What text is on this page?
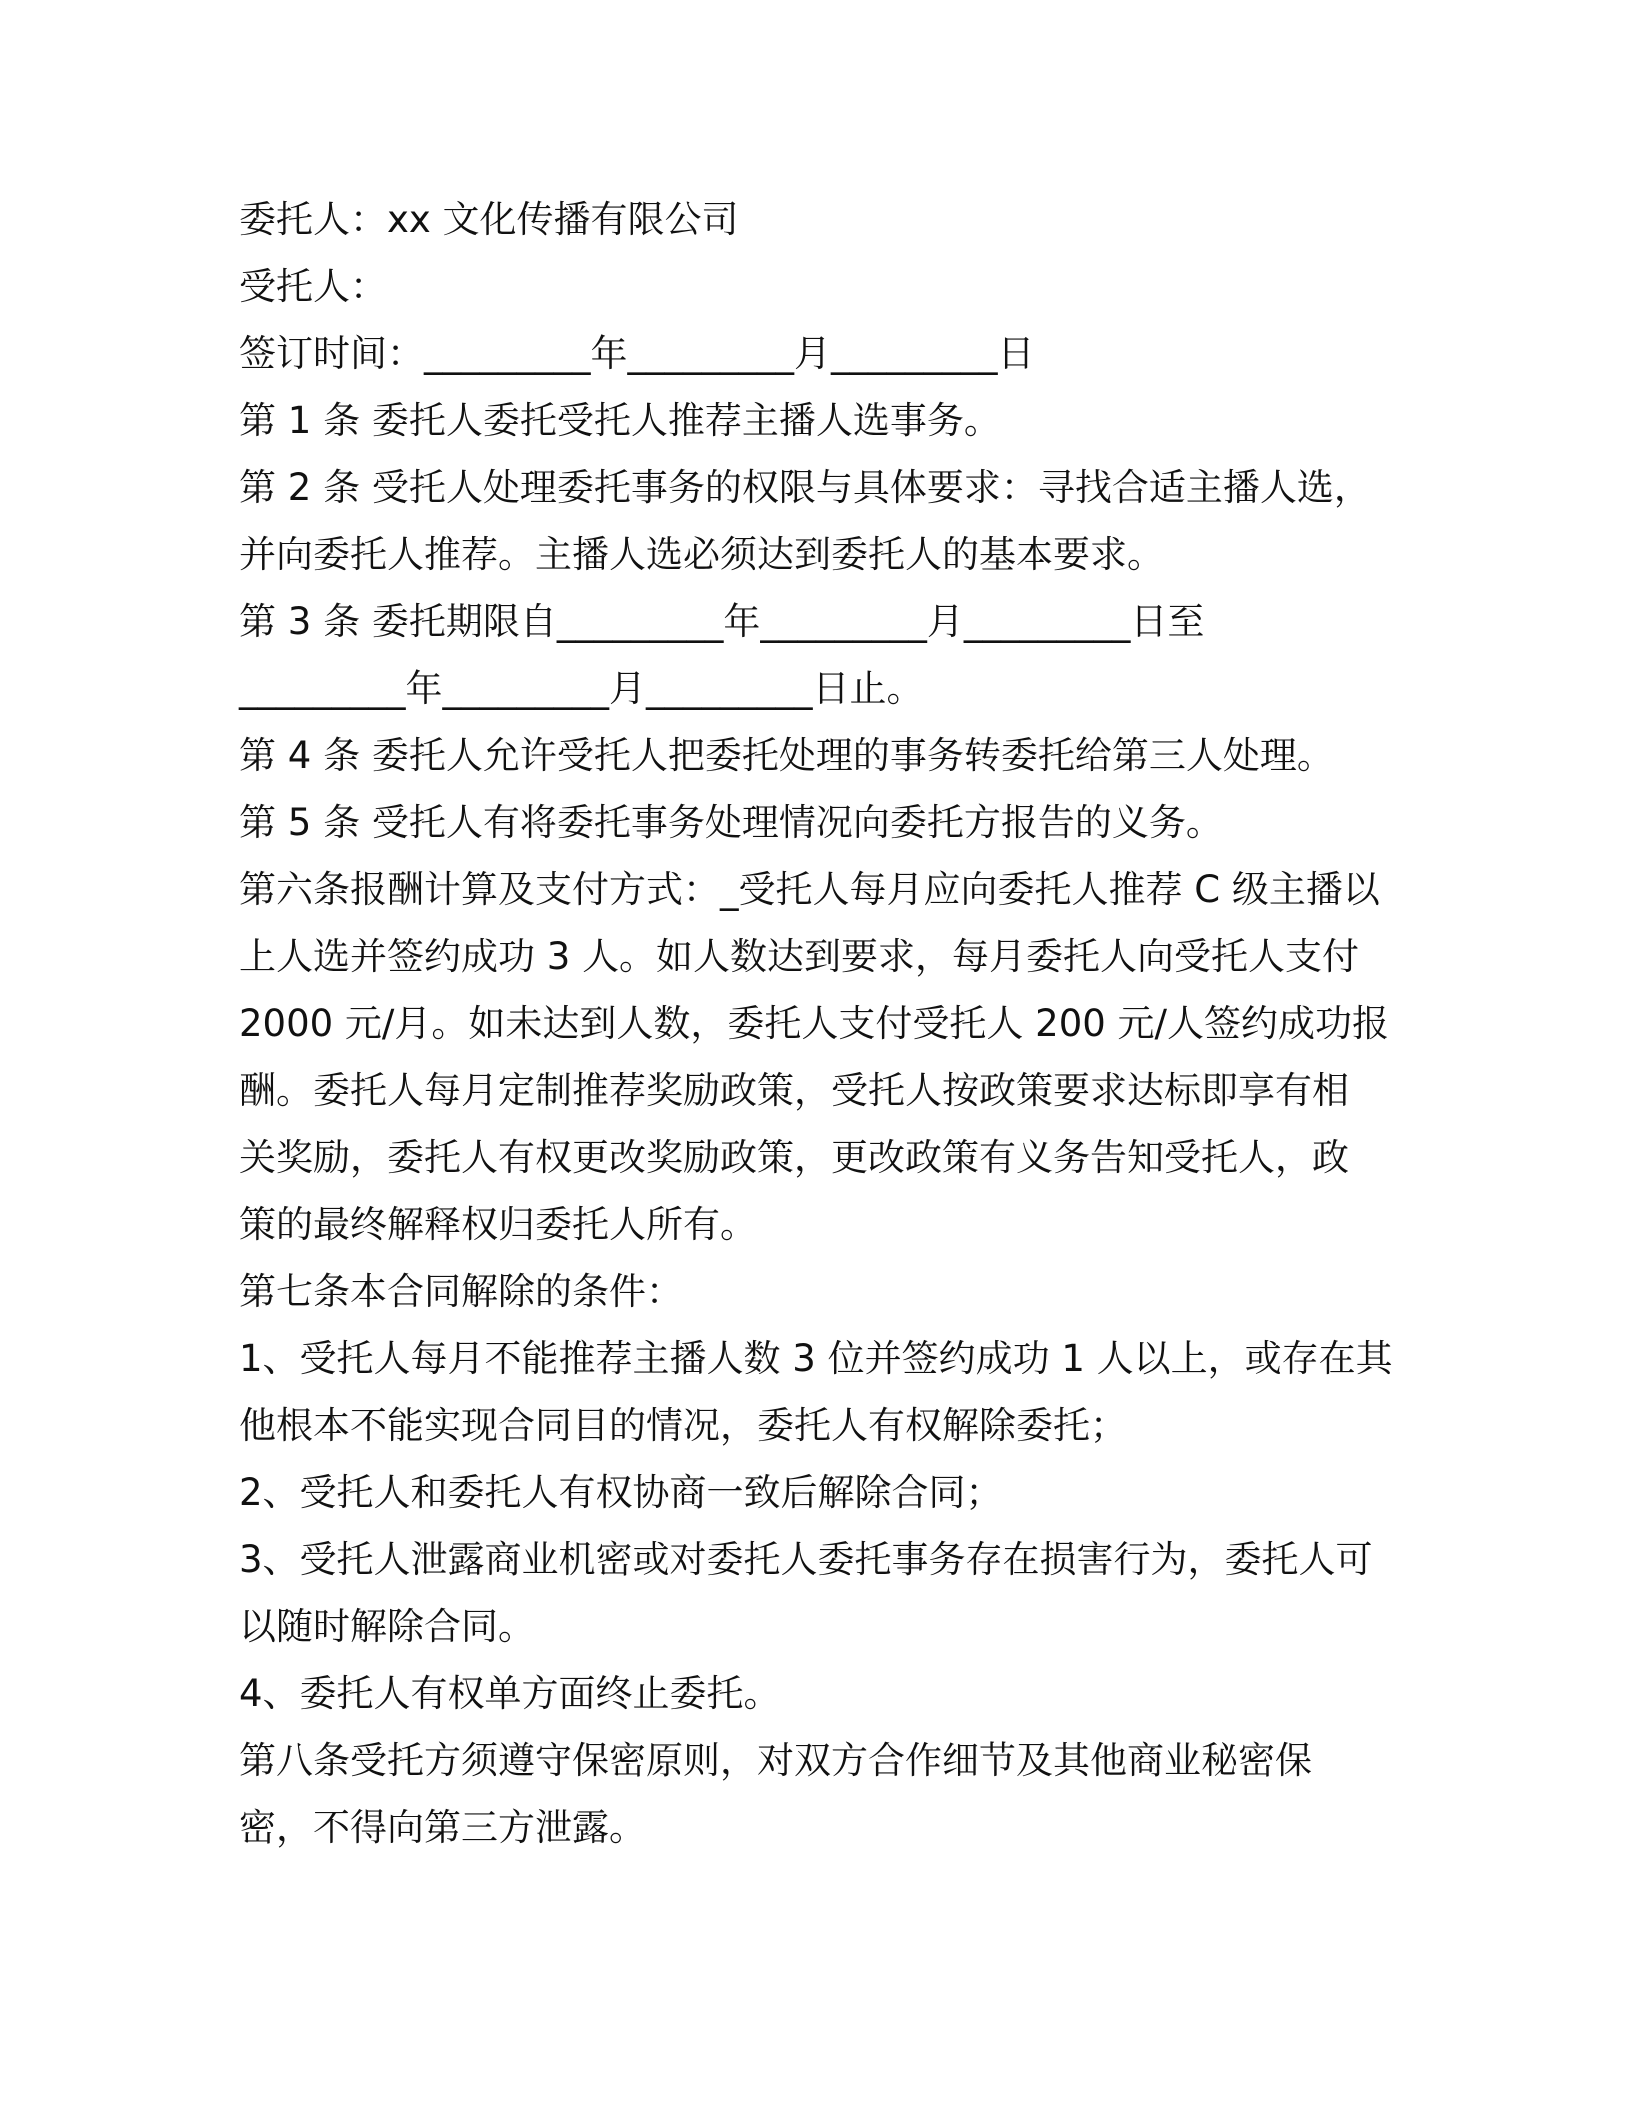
委托人：xx 文化传播有限公司
受托人：
签订时间：_________年_________月_________日
第 1 条 委托人委托受托人推荐主播人选事务。
第 2 条 受托人处理委托事务的权限与具体要求：寻找合适主播人选，
并向委托人推荐。主播人选必须达到委托人的基本要求。
第 3 条 委托期限自_________年_________月_________日至
_________年_________月_________日止。
第 4 条 委托人允许受托人把委托处理的事务转委托给第三人处理。
第 5 条 受托人有将委托事务处理情况向委托方报告的义务。
第六条报酬计算及支付方式：_受托人每月应向委托人推荐 C 级主播以
上人选并签约成功 3 人。如人数达到要求，每月委托人向受托人支付
2000 元/月。如未达到人数，委托人支付受托人 200 元/人签约成功报
酬。委托人每月定制推荐奖励政策，受托人按政策要求达标即享有相
关奖励，委托人有权更改奖励政策，更改政策有义务告知受托人，政
策的最终解释权归委托人所有。
第七条本合同解除的条件：
1、受托人每月不能推荐主播人数 3 位并签约成功 1 人以上，或存在其
他根本不能实现合同目的情况，委托人有权解除委托；
2、受托人和委托人有权协商一致后解除合同；
3、受托人泄露商业机密或对委托人委托事务存在损害行为，委托人可
以随时解除合同。
4、委托人有权单方面终止委托。
第八条受托方须遵守保密原则，对双方合作细节及其他商业秘密保
密，不得向第三方泄露。
